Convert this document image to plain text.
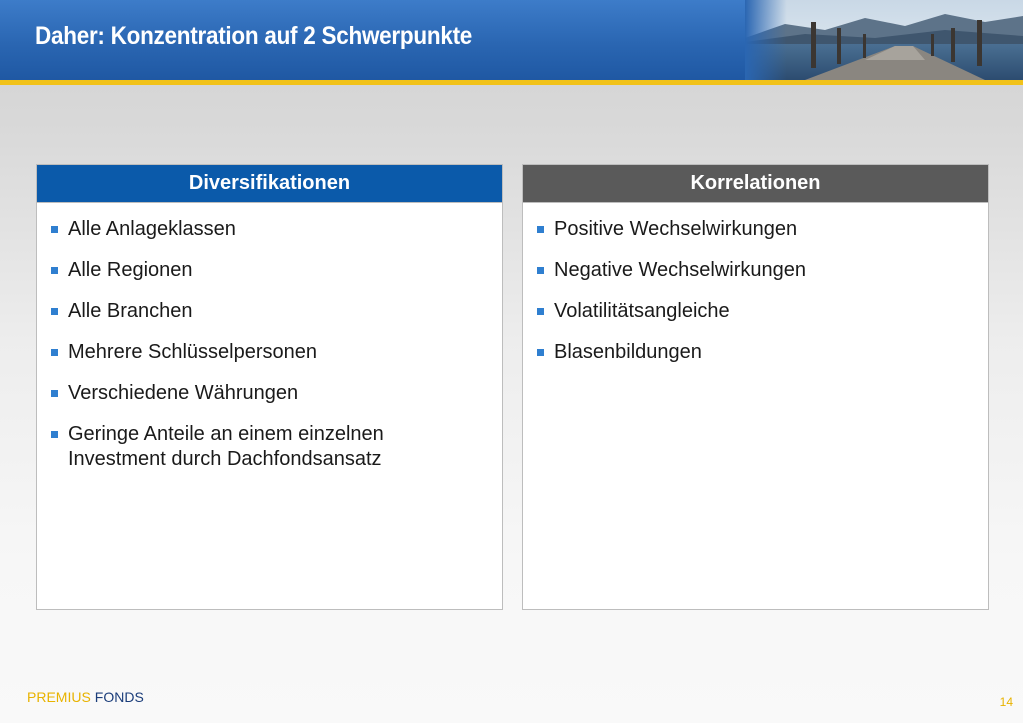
Daher: Konzentration auf 2 Schwerpunkte
Diversifikationen
Alle Anlageklassen
Alle Regionen
Alle Branchen
Mehrere Schlüsselpersonen
Verschiedene Währungen
Geringe Anteile an einem einzelnen Investment durch Dachfondsansatz
Korrelationen
Positive Wechselwirkungen
Negative Wechselwirkungen
Volatilitätsangleiche
Blasenbildungen
PREMIUS FONDS	14
